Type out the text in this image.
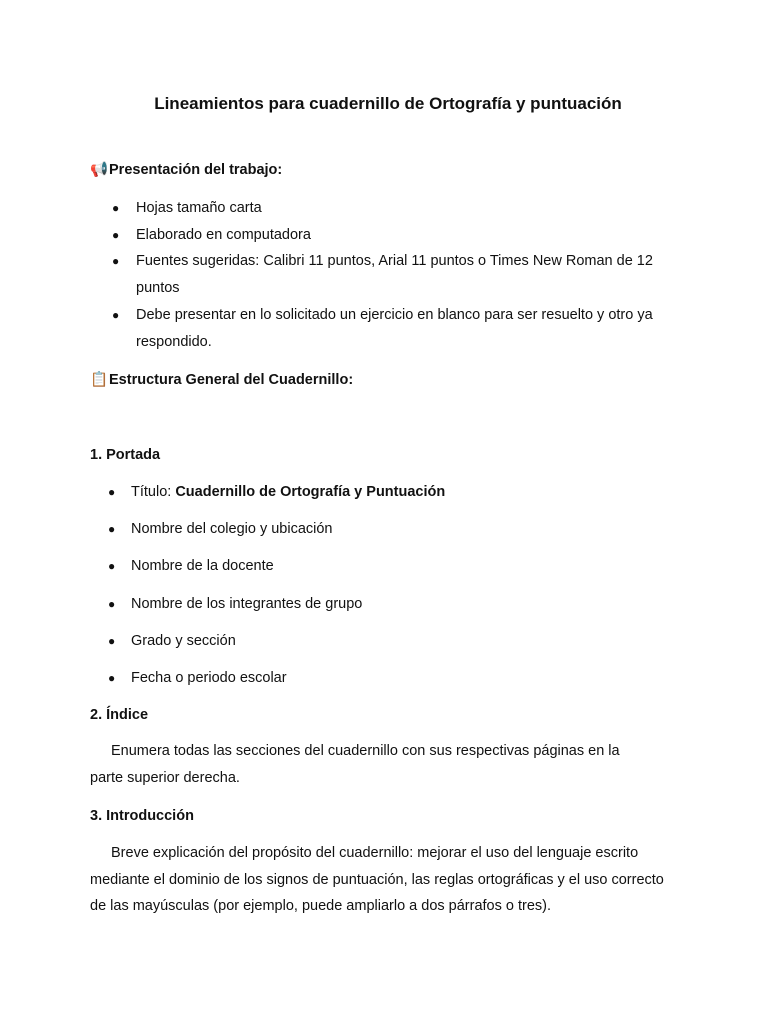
Lineamientos para cuadernillo de Ortografía y puntuación
📢Presentación del trabajo:
● Hojas tamaño carta
● Elaborado en computadora
● Fuentes sugeridas: Calibri 11 puntos, Arial 11 puntos o Times New Roman de 12 puntos
● Debe presentar en lo solicitado un ejercicio en blanco para ser resuelto y otro ya respondido.
📋Estructura General del Cuadernillo:
1. Portada
● Título: Cuadernillo de Ortografía y Puntuación
● Nombre del colegio y ubicación
● Nombre de la docente
● Nombre de los integrantes de grupo
● Grado y sección
● Fecha o periodo escolar
2. Índice

Enumera todas las secciones del cuadernillo con sus respectivas páginas en la parte superior derecha.

3. Introducción

Breve explicación del propósito del cuadernillo: mejorar el uso del lenguaje escrito mediante el dominio de los signos de puntuación, las reglas ortográficas y el uso correcto de las mayúsculas (por ejemplo, puede ampliarlo a dos párrafos o tres).
